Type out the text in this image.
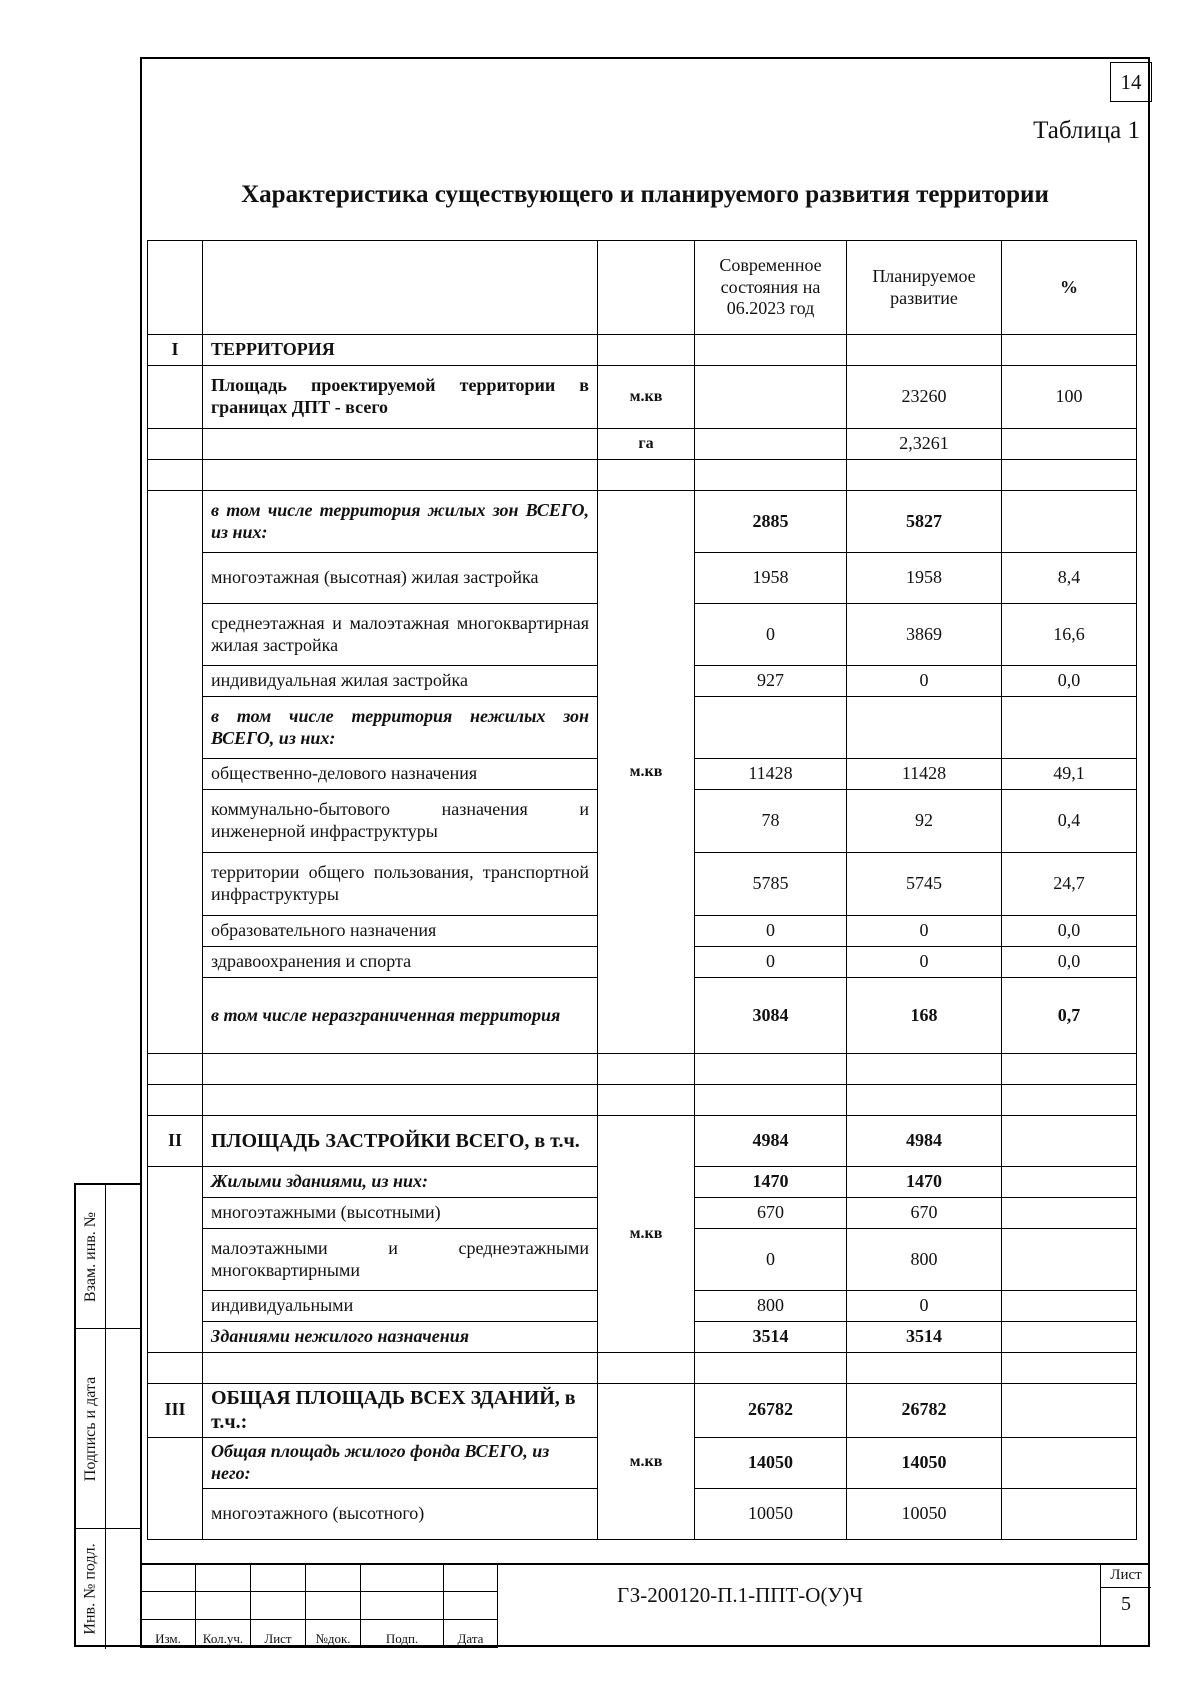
14
Таблица 1
Характеристика существующего и планируемого развития территории
			Современное состояния на 06.2023 год	Планируемое развитие	%
I	ТЕРРИТОРИЯ				
	Площадь проектируемой территории в границах ДПТ - всего	м.кв		23260	100
		га		2,3261	

	в том числе территория жилых зон ВСЕГО, из них:	м.кв	2885	5827	
	многоэтажная (высотная) жилая застройка		1958	1958	8,4
	среднеэтажная и малоэтажная многоквартирная жилая застройка		0	3869	16,6
	индивидуальная жилая застройка		927	0	0,0
	в том числе территория нежилых зон ВСЕГО, из них:				
	общественно-делового назначения		11428	11428	49,1
	коммунально-бытового назначения и инженерной инфраструктуры		78	92	0,4
	территории общего пользования, транспортной инфраструктуры		5785	5745	24,7
	образовательного назначения		0	0	0,0
	здравоохранения и спорта		0	0	0,0
	в том числе неразграниченная территория		3084	168	0,7

II	ПЛОЩАДЬ ЗАСТРОЙКИ ВСЕГО, в т.ч.	м.кв	4984	4984	
	Жилыми зданиями, из них:		1470	1470	
	многоэтажными (высотными)		670	670	
	малоэтажными и среднеэтажными многоквартирными		0	800	
	индивидуальными		800	0	
	Зданиями нежилого назначения		3514	3514	

III	ОБЩАЯ ПЛОЩАДЬ ВСЕХ ЗДАНИЙ, в т.ч.:	м.кв	26782	26782	
	Общая площадь жилого фонда ВСЕГО, из него:		14050	14050	
	многоэтажного (высотного)		10050	10050	
Взам. инв. №
Подпись и дата
Инв. № подл.

Изм.	Кол.уч.	Лист	№док.	Подп.	Дата
ГЗ-200120-П.1-ППТ-О(У)Ч
Лист
5
